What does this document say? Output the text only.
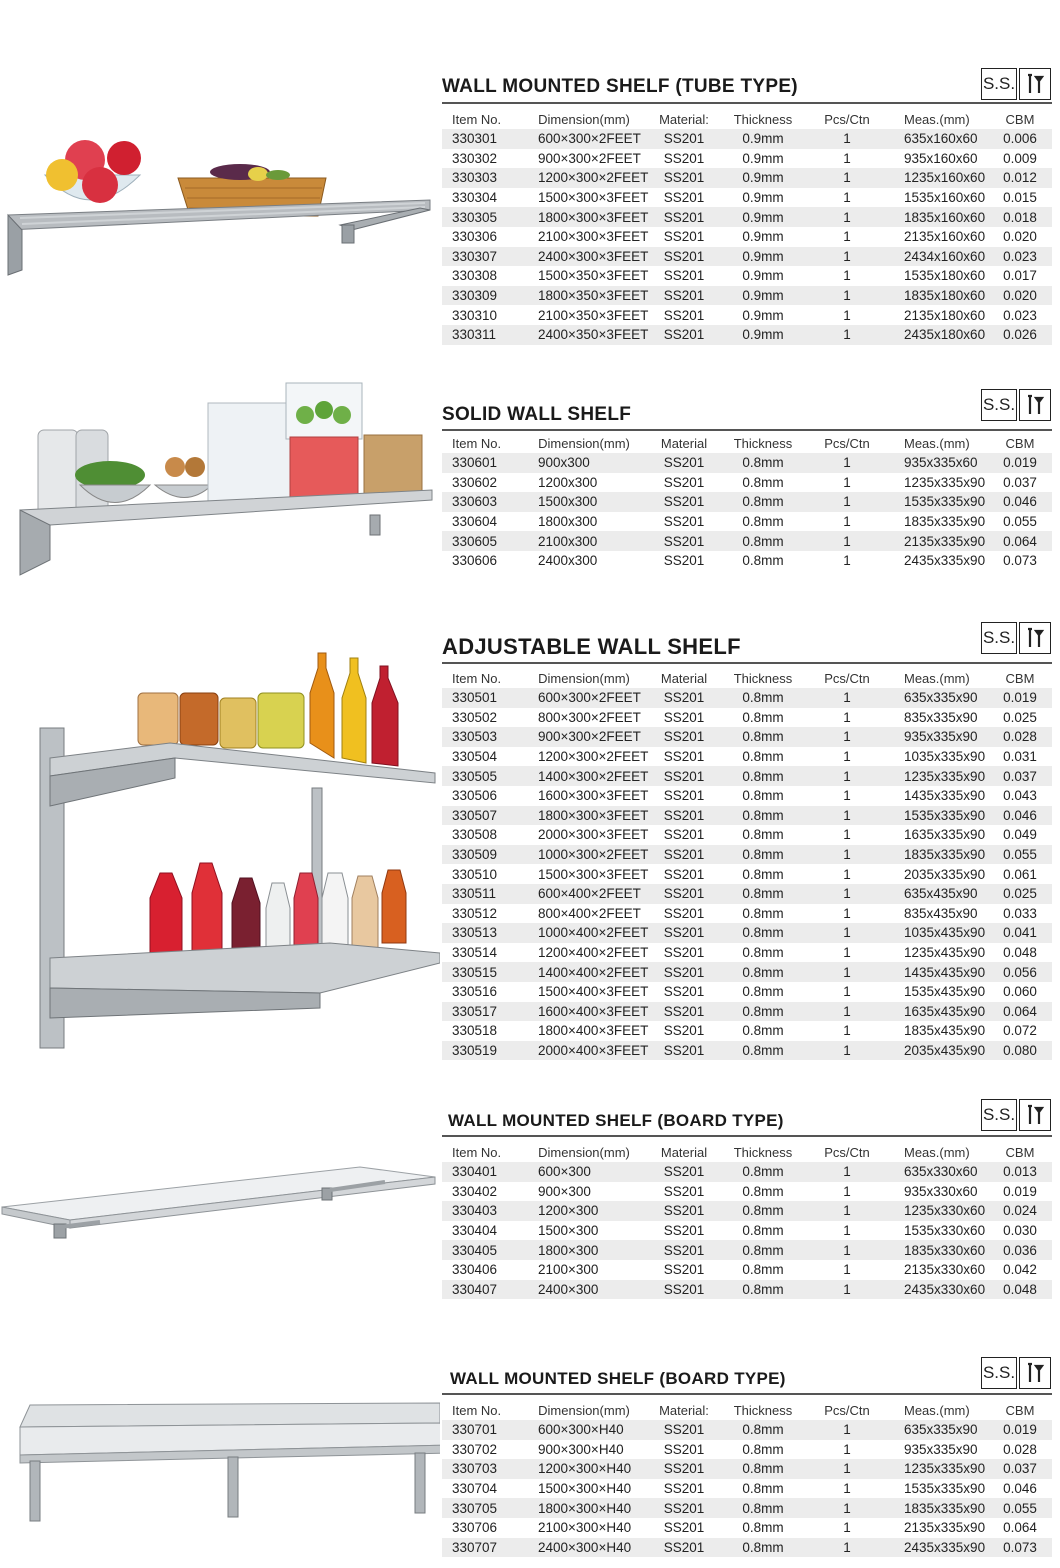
WALL MOUNTED SHELF (TUBE TYPE)	S.S.
Item No.	Dimension(mm)	Material:	Thickness	Pcs/Ctn	Meas.(mm)	CBM
330301	600×300×2FEET	SS201	0.9mm	1	635x160x60	0.006
330302	900×300×2FEET	SS201	0.9mm	1	935x160x60	0.009
330303	1200×300×2FEET	SS201	0.9mm	1	1235x160x60	0.012
330304	1500×300×3FEET	SS201	0.9mm	1	1535x160x60	0.015
330305	1800×300×3FEET	SS201	0.9mm	1	1835x160x60	0.018
330306	2100×300×3FEET	SS201	0.9mm	1	2135x160x60	0.020
330307	2400×300×3FEET	SS201	0.9mm	1	2434x160x60	0.023
330308	1500×350×3FEET	SS201	0.9mm	1	1535x180x60	0.017
330309	1800×350×3FEET	SS201	0.9mm	1	1835x180x60	0.020
330310	2100×350×3FEET	SS201	0.9mm	1	2135x180x60	0.023
330311	2400×350×3FEET	SS201	0.9mm	1	2435x180x60	0.026
SOLID WALL SHELF	S.S.
Item No.	Dimension(mm)	Material	Thickness	Pcs/Ctn	Meas.(mm)	CBM
330601	900x300	SS201	0.8mm	1	935x335x60	0.019
330602	1200x300	SS201	0.8mm	1	1235x335x90	0.037
330603	1500x300	SS201	0.8mm	1	1535x335x90	0.046
330604	1800x300	SS201	0.8mm	1	1835x335x90	0.055
330605	2100x300	SS201	0.8mm	1	2135x335x90	0.064
330606	2400x300	SS201	0.8mm	1	2435x335x90	0.073
ADJUSTABLE WALL SHELF	S.S.
Item No.	Dimension(mm)	Material	Thickness	Pcs/Ctn	Meas.(mm)	CBM
330501	600×300×2FEET	SS201	0.8mm	1	635x335x90	0.019
330502	800×300×2FEET	SS201	0.8mm	1	835x335x90	0.025
330503	900×300×2FEET	SS201	0.8mm	1	935x335x90	0.028
330504	1200×300×2FEET	SS201	0.8mm	1	1035x335x90	0.031
330505	1400×300×2FEET	SS201	0.8mm	1	1235x335x90	0.037
330506	1600×300×3FEET	SS201	0.8mm	1	1435x335x90	0.043
330507	1800×300×3FEET	SS201	0.8mm	1	1535x335x90	0.046
330508	2000×300×3FEET	SS201	0.8mm	1	1635x335x90	0.049
330509	1000×300×2FEET	SS201	0.8mm	1	1835x335x90	0.055
330510	1500×300×3FEET	SS201	0.8mm	1	2035x335x90	0.061
330511	600×400×2FEET	SS201	0.8mm	1	635x435x90	0.025
330512	800×400×2FEET	SS201	0.8mm	1	835x435x90	0.033
330513	1000×400×2FEET	SS201	0.8mm	1	1035x435x90	0.041
330514	1200×400×2FEET	SS201	0.8mm	1	1235x435x90	0.048
330515	1400×400×2FEET	SS201	0.8mm	1	1435x435x90	0.056
330516	1500×400×3FEET	SS201	0.8mm	1	1535x435x90	0.060
330517	1600×400×3FEET	SS201	0.8mm	1	1635x435x90	0.064
330518	1800×400×3FEET	SS201	0.8mm	1	1835x435x90	0.072
330519	2000×400×3FEET	SS201	0.8mm	1	2035x435x90	0.080
WALL MOUNTED SHELF (BOARD TYPE)	S.S.
Item No.	Dimension(mm)	Material	Thickness	Pcs/Ctn	Meas.(mm)	CBM
330401	600×300	SS201	0.8mm	1	635x330x60	0.013
330402	900×300	SS201	0.8mm	1	935x330x60	0.019
330403	1200×300	SS201	0.8mm	1	1235x330x60	0.024
330404	1500×300	SS201	0.8mm	1	1535x330x60	0.030
330405	1800×300	SS201	0.8mm	1	1835x330x60	0.036
330406	2100×300	SS201	0.8mm	1	2135x330x60	0.042
330407	2400×300	SS201	0.8mm	1	2435x330x60	0.048
WALL MOUNTED SHELF (BOARD TYPE)	S.S.
Item No.	Dimension(mm)	Material:	Thickness	Pcs/Ctn	Meas.(mm)	CBM
330701	600×300×H40	SS201	0.8mm	1	635x335x90	0.019
330702	900×300×H40	SS201	0.8mm	1	935x335x90	0.028
330703	1200×300×H40	SS201	0.8mm	1	1235x335x90	0.037
330704	1500×300×H40	SS201	0.8mm	1	1535x335x90	0.046
330705	1800×300×H40	SS201	0.8mm	1	1835x335x90	0.055
330706	2100×300×H40	SS201	0.8mm	1	2135x335x90	0.064
330707	2400×300×H40	SS201	0.8mm	1	2435x335x90	0.073
